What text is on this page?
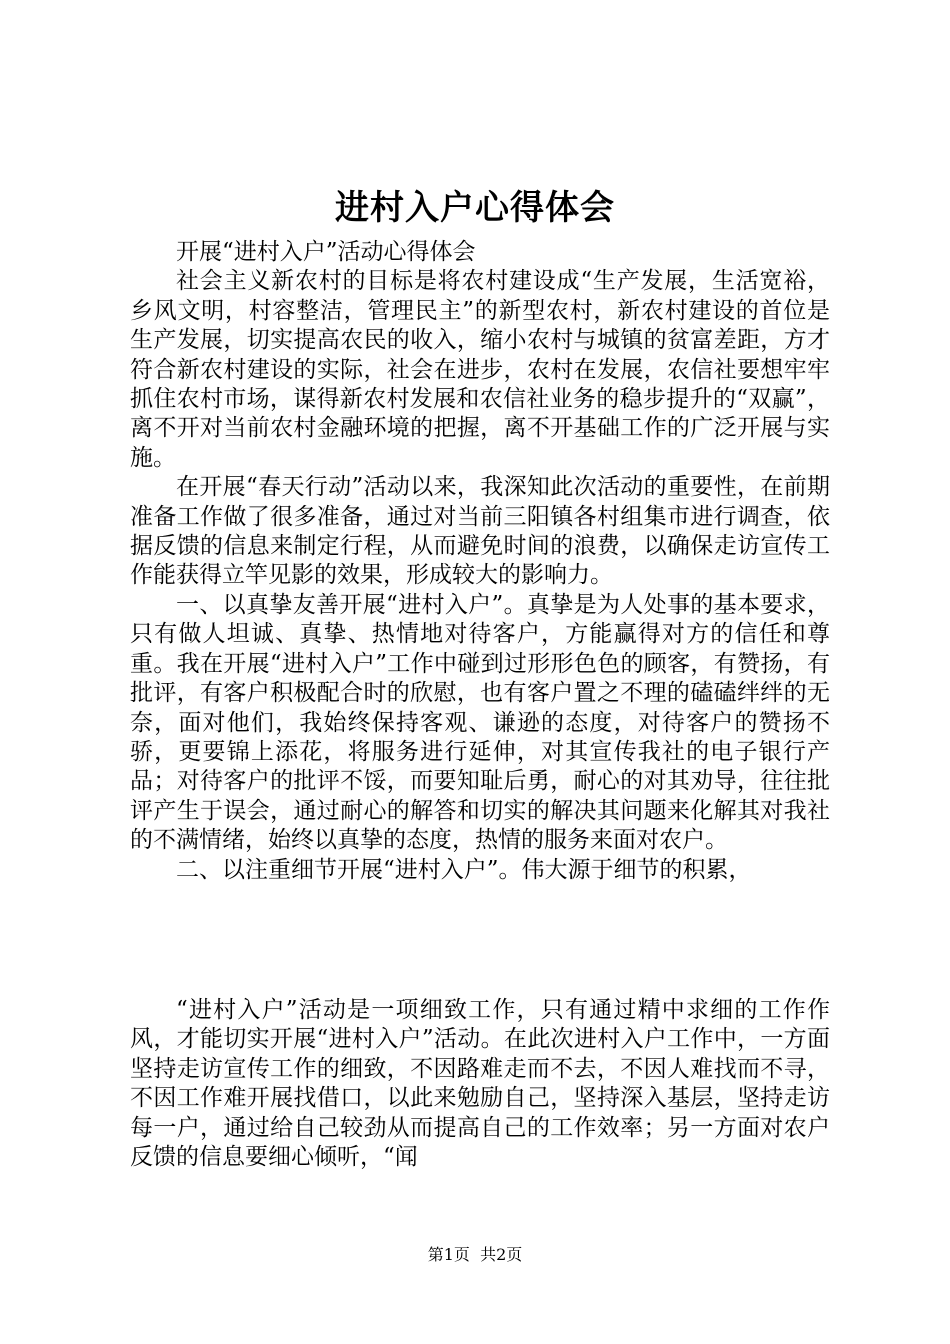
进村入户心得体会

开展“进村入户”活动心得体会

社会主义新农村的目标是将农村建设成“生产发展，生活宽裕，乡风文明，村容整洁，管理民主”的新型农村，新农村建设的首位是生产发展，切实提高农民的收入，缩小农村与城镇的贫富差距，方才符合新农村建设的实际，社会在进步，农村在发展，农信社要想牢牢抓住农村市场，谋得新农村发展和农信社业务的稳步提升的“双赢”，离不开对当前农村金融环境的把握，离不开基础工作的广泛开展与实施。

在开展“春天行动”活动以来，我深知此次活动的重要性，在前期准备工作做了很多准备，通过对当前三阳镇各村组集市进行调查，依据反馈的信息来制定行程，从而避免时间的浪费，以确保走访宣传工作能获得立竿见影的效果，形成较大的影响力。

一、以真挚友善开展“进村入户”。真挚是为人处事的基本要求，只有做人坦诚、真挚、热情地对待客户，方能赢得对方的信任和尊重。我在开展“进村入户”工作中碰到过形形色色的顾客，有赞扬，有批评，有客户积极配合时的欣慰，也有客户置之不理的磕磕绊绊的无奈，面对他们，我始终保持客观、谦逊的态度，对待客户的赞扬不骄，更要锦上添花，将服务进行延伸，对其宣传我社的电子银行产品；对待客户的批评不馁，而要知耻后勇，耐心的对其劝导，往往批评产生于误会，通过耐心的解答和切实的解决其问题来化解其对我社的不满情绪，始终以真挚的态度，热情的服务来面对农户。

二、以注重细节开展“进村入户”。伟大源于细节的积累，

“进村入户”活动是一项细致工作，只有通过精中求细的工作作风，才能切实开展“进村入户”活动。在此次进村入户工作中，一方面坚持走访宣传工作的细致，不因路难走而不去，不因人难找而不寻，不因工作难开展找借口，以此来勉励自己，坚持深入基层，坚持走访每一户，通过给自己较劲从而提高自己的工作效率；另一方面对农户反馈的信息要细心倾听，“闻

第1页  共2页
